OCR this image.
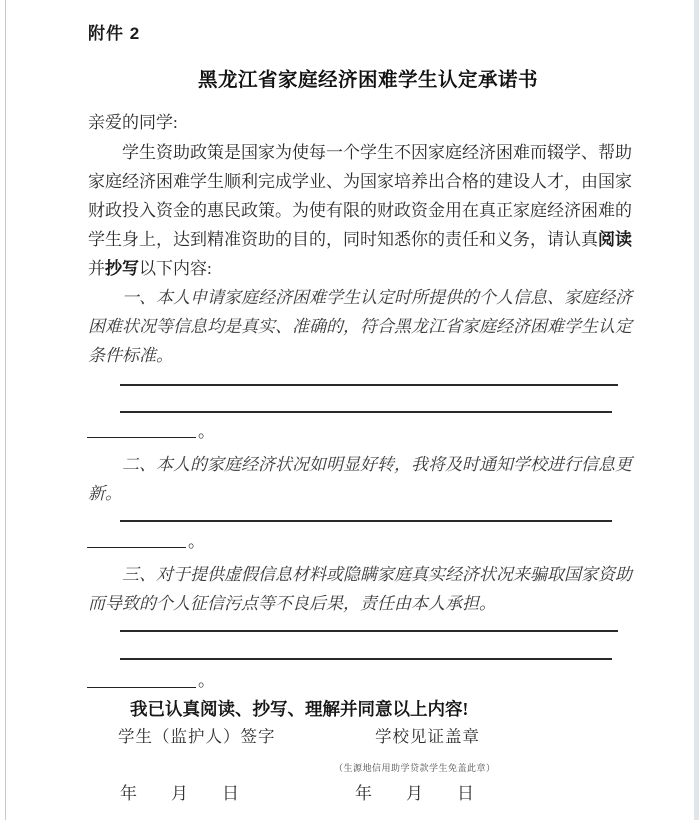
附件 2
黑龙江省家庭经济困难学生认定承诺书
亲爱的同学:
学生资助政策是国家为使每一个学生不因家庭经济困难而辍学、帮助
家庭经济困难学生顺利完成学业、为国家培养出合格的建设人才，由国家
财政投入资金的惠民政策。为使有限的财政资金用在真正家庭经济困难的
学生身上，达到精准资助的目的，同时知悉你的责任和义务，请认真阅读
并抄写以下内容:
一、本人申请家庭经济困难学生认定时所提供的个人信息、家庭经济
困难状况等信息均是真实、准确的，符合黑龙江省家庭经济困难学生认定
条件标准。
。
二、本人的家庭经济状况如明显好转，我将及时通知学校进行信息更
新。
。
三、对于提供虚假信息材料或隐瞒家庭真实经济状况来骗取国家资助
而导致的个人征信污点等不良后果，责任由本人承担。
。
我已认真阅读、抄写、理解并同意以上内容!
学生（监护人）签字	学校见证盖章
（生源地信用助学贷款学生免盖此章）
年　　月　　日	年　　月　　日
